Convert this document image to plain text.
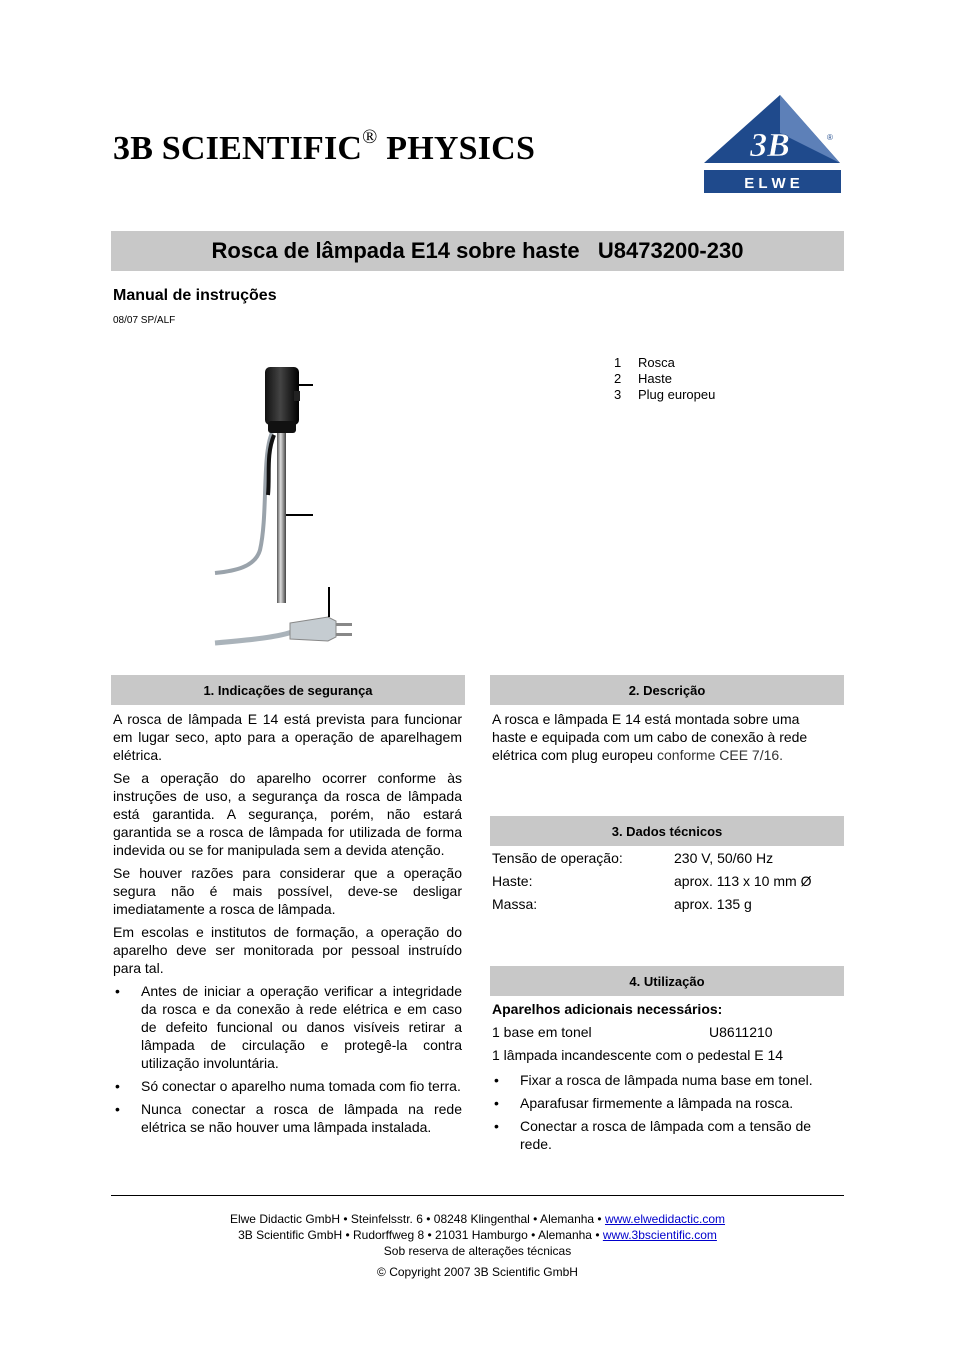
3B SCIENTIFIC® PHYSICS	3B	®
E L W E
Rosca de lâmpada E14 sobre haste   U8473200-230
Manual de instruções
08/07 SP/ALF
1 Rosca
2 Haste
3 Plug europeu
1. Indicações de segurança

A rosca de lâmpada E 14 está prevista para funcionar em lugar seco, apto para a operação de aparelhagem elétrica.

Se a operação do aparelho ocorrer conforme às instruções de uso, a segurança da rosca de lâmpada está garantida. A segurança, porém, não estará garantida se a rosca de lâmpada for utilizada de forma indevida ou se for manipulada sem a devida atenção.

Se houver razões para considerar que a operação segura não é mais possível, deve-se desligar imediatamente a rosca de lâmpada.

Em escolas e institutos de formação, a operação do aparelho deve ser monitorada por pessoal instruído para tal.

• Antes de iniciar a operação verificar a integridade da rosca e da conexão à rede elétrica e em caso de defeito funcional ou danos visíveis retirar a lâmpada de circulação e protegê-la contra utilização involuntária.
• Só conectar o aparelho numa tomada com fio terra.
• Nunca conectar a rosca de lâmpada na rede elétrica se não houver uma lâmpada instalada.
2. Descrição

A rosca e lâmpada E 14 está montada sobre uma haste e equipada com um cabo de conexão à rede elétrica com plug europeu conforme CEE 7/16.

3. Dados técnicos
Tensão de operação:	230 V, 50/60 Hz
Haste:	aprox. 113 x 10 mm Ø
Massa:	aprox. 135 g
4. Utilização
Aparelhos adicionais necessários:
1 base em tonel	U8611210
1 lâmpada incandescente com o pedestal E 14
• Fixar a rosca de lâmpada numa base em tonel.
• Aparafusar firmemente a lâmpada na rosca.
• Conectar a rosca de lâmpada com a tensão de rede.
Elwe Didactic GmbH • Steinfelsstr. 6 • 08248 Klingenthal • Alemanha • www.elwedidactic.com
3B Scientific GmbH • Rudorffweg 8 • 21031 Hamburgo • Alemanha • www.3bscientific.com
Sob reserva de alterações técnicas
© Copyright 2007 3B Scientific GmbH
